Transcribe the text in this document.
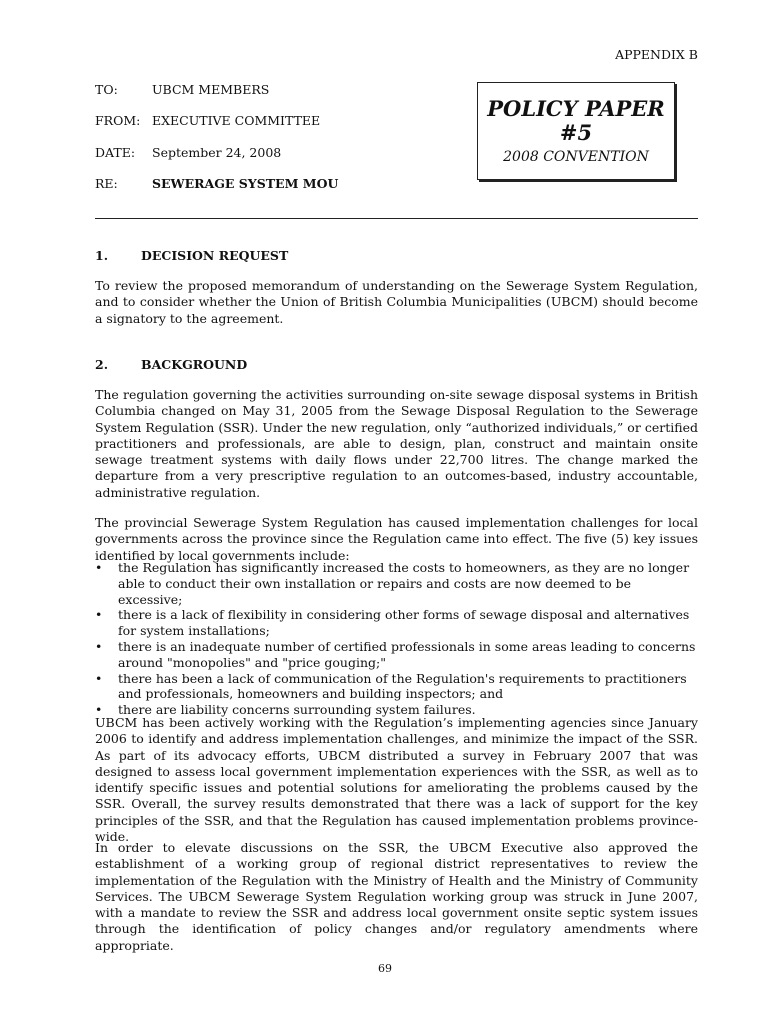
APPENDIX B
TO:	UBCM MEMBERS
FROM: EXECUTIVE COMMITTEE
DATE:	September 24, 2008
RE:	SEWERAGE SYSTEM MOU
POLICY PAPER
#5
2008 CONVENTION
1.	DECISION REQUEST

To review the proposed memorandum of understanding on the Sewerage System Regulation, and to consider whether the Union of British Columbia Municipalities (UBCM) should become a signatory to the agreement.

2.	BACKGROUND

The regulation governing the activities surrounding on-site sewage disposal systems in British Columbia changed on May 31, 2005 from the Sewage Disposal Regulation to the Sewerage System Regulation (SSR). Under the new regulation, only “authorized individuals,” or certified practitioners and professionals, are able to design, plan, construct and maintain onsite sewage treatment systems with daily flows under 22,700 litres. The change marked the departure from a very prescriptive regulation to an outcomes-based, industry accountable, administrative regulation.

The provincial Sewerage System Regulation has caused implementation challenges for local governments across the province since the Regulation came into effect. The five (5) key issues identified by local governments include:

• the Regulation has significantly increased the costs to homeowners, as they are no longer able to conduct their own installation or repairs and costs are now deemed to be excessive;
• there is a lack of flexibility in considering other forms of sewage disposal and alternatives for system installations;
• there is an inadequate number of certified professionals in some areas leading to concerns around "monopolies" and "price gouging;"
• there has been a lack of communication of the Regulation's requirements to practitioners and professionals, homeowners and building inspectors; and
• there are liability concerns surrounding system failures.

UBCM has been actively working with the Regulation’s implementing agencies since January 2006 to identify and address implementation challenges, and minimize the impact of the SSR. As part of its advocacy efforts, UBCM distributed a survey in February 2007 that was designed to assess local government implementation experiences with the SSR, as well as to identify specific issues and potential solutions for ameliorating the problems caused by the SSR. Overall, the survey results demonstrated that there was a lack of support for the key principles of the SSR, and that the Regulation has caused implementation problems province-wide.

In order to elevate discussions on the SSR, the UBCM Executive also approved the establishment of a working group of regional district representatives to review the implementation of the Regulation with the Ministry of Health and the Ministry of Community Services. The UBCM Sewerage System Regulation working group was struck in June 2007, with a mandate to review the SSR and address local government onsite septic system issues through the identification of policy changes and/or regulatory amendments where appropriate.

69
